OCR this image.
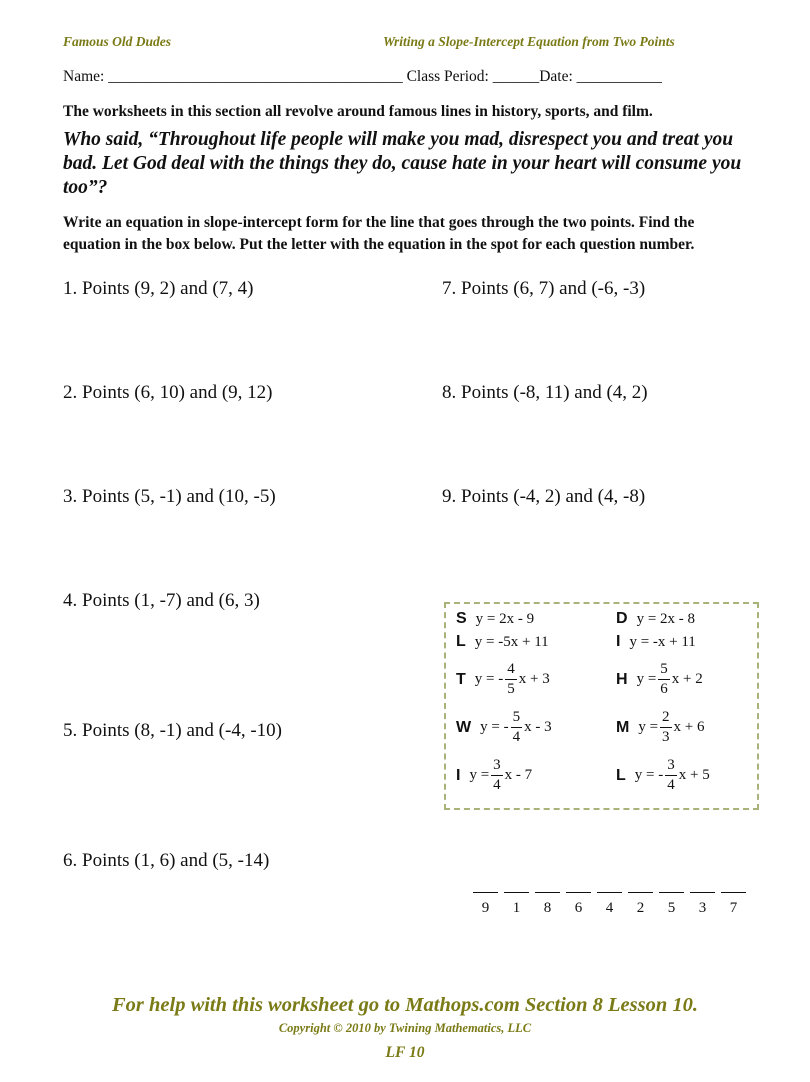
Famous Old Dudes	Writing a Slope-Intercept Equation from Two Points
Name: ______________________________________ Class Period: ______Date: ___________
The worksheets in this section all revolve around famous lines in history, sports, and film.
Who said, “Throughout life people will make you mad, disrespect you and treat you bad. Let God deal with the things they do, cause hate in your heart will consume you too”?
Write an equation in slope-intercept form for the line that goes through the two points. Find the equation in the box below. Put the letter with the equation in the spot for each question number.
1. Points (9, 2) and (7, 4)
2. Points (6, 10) and (9, 12)
3. Points (5, -1) and (10, -5)
4. Points (1, -7) and (6, 3)
5. Points (8, -1) and (-4, -10)
6. Points (1, 6) and (5, -14)
7. Points (6, 7) and (-6, -3)
8. Points (-8, 11) and (4, 2)
9. Points (-4, 2) and (4, -8)
S y = 2x - 9	D y = 2x - 8
L y = -5x + 11	I y = -x + 11
T y = - $\frac{4}{5}$ x + 3	H $y = \frac{5}{6}$ x + 2
W y = - $\frac{5}{4}$ x - 3	M $y = \frac{2}{3}$ x + 6
I $y = \frac{3}{4}$ x - 7	L y = - $\frac{3}{4}$ x + 5
9 1 8 6 4 2 5 3 7
For help with this worksheet go to Mathops.com Section 8 Lesson 10.
Copyright © 2010 by Twining Mathematics, LLC
LF 10
